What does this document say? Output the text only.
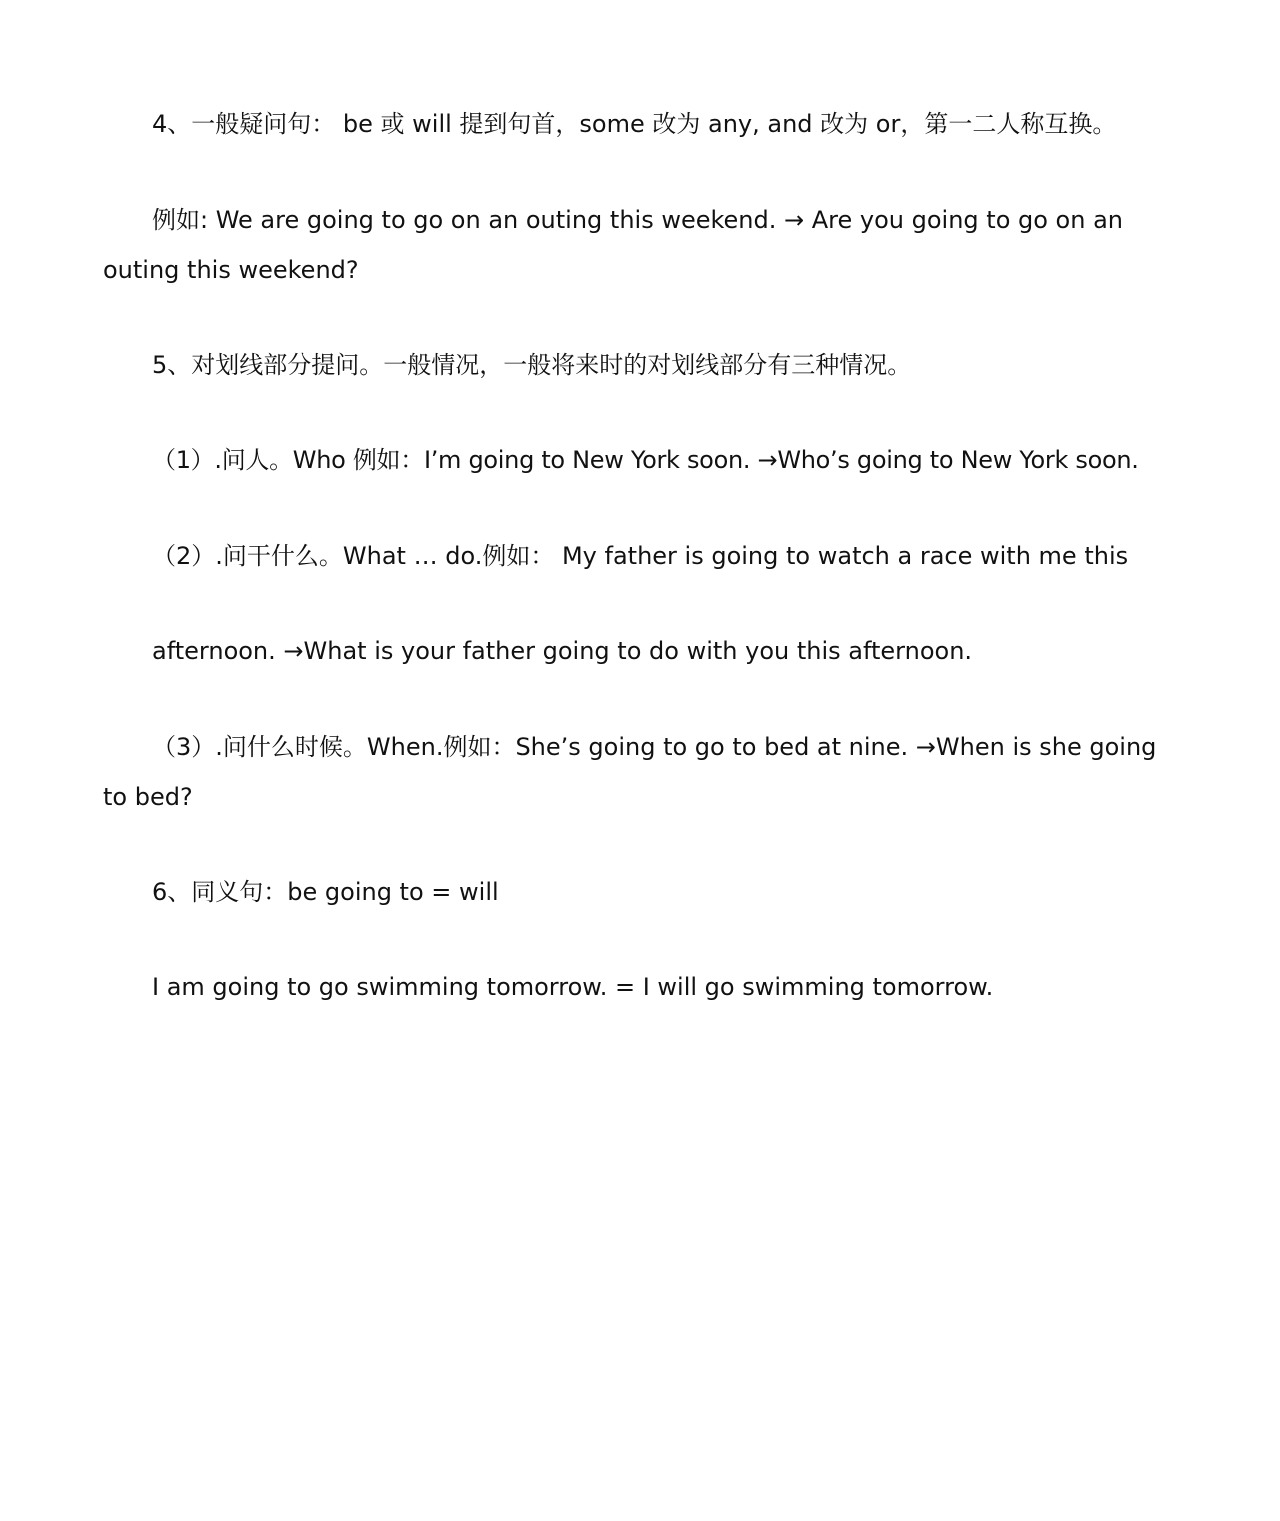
4、一般疑问句： be 或 will 提到句首，some 改为 any, and 改为 or，第一二人称互换。

例如: We are going to go on an outing this weekend. → Are you going to go on an outing this weekend?

5、对划线部分提问。一般情况，一般将来时的对划线部分有三种情况。

（1）.问人。Who 例如：I’m going to New York soon. →Who’s going to New York soon.

（2）.问干什么。What … do.例如： My father is going to watch a race with me this

afternoon. →What is your father going to do with you this afternoon.

（3）.问什么时候。When.例如：She’s going to go to bed at nine. →When is she going to bed?

6、同义句：be going to = will

I am going to go swimming tomorrow. = I will go swimming tomorrow.
